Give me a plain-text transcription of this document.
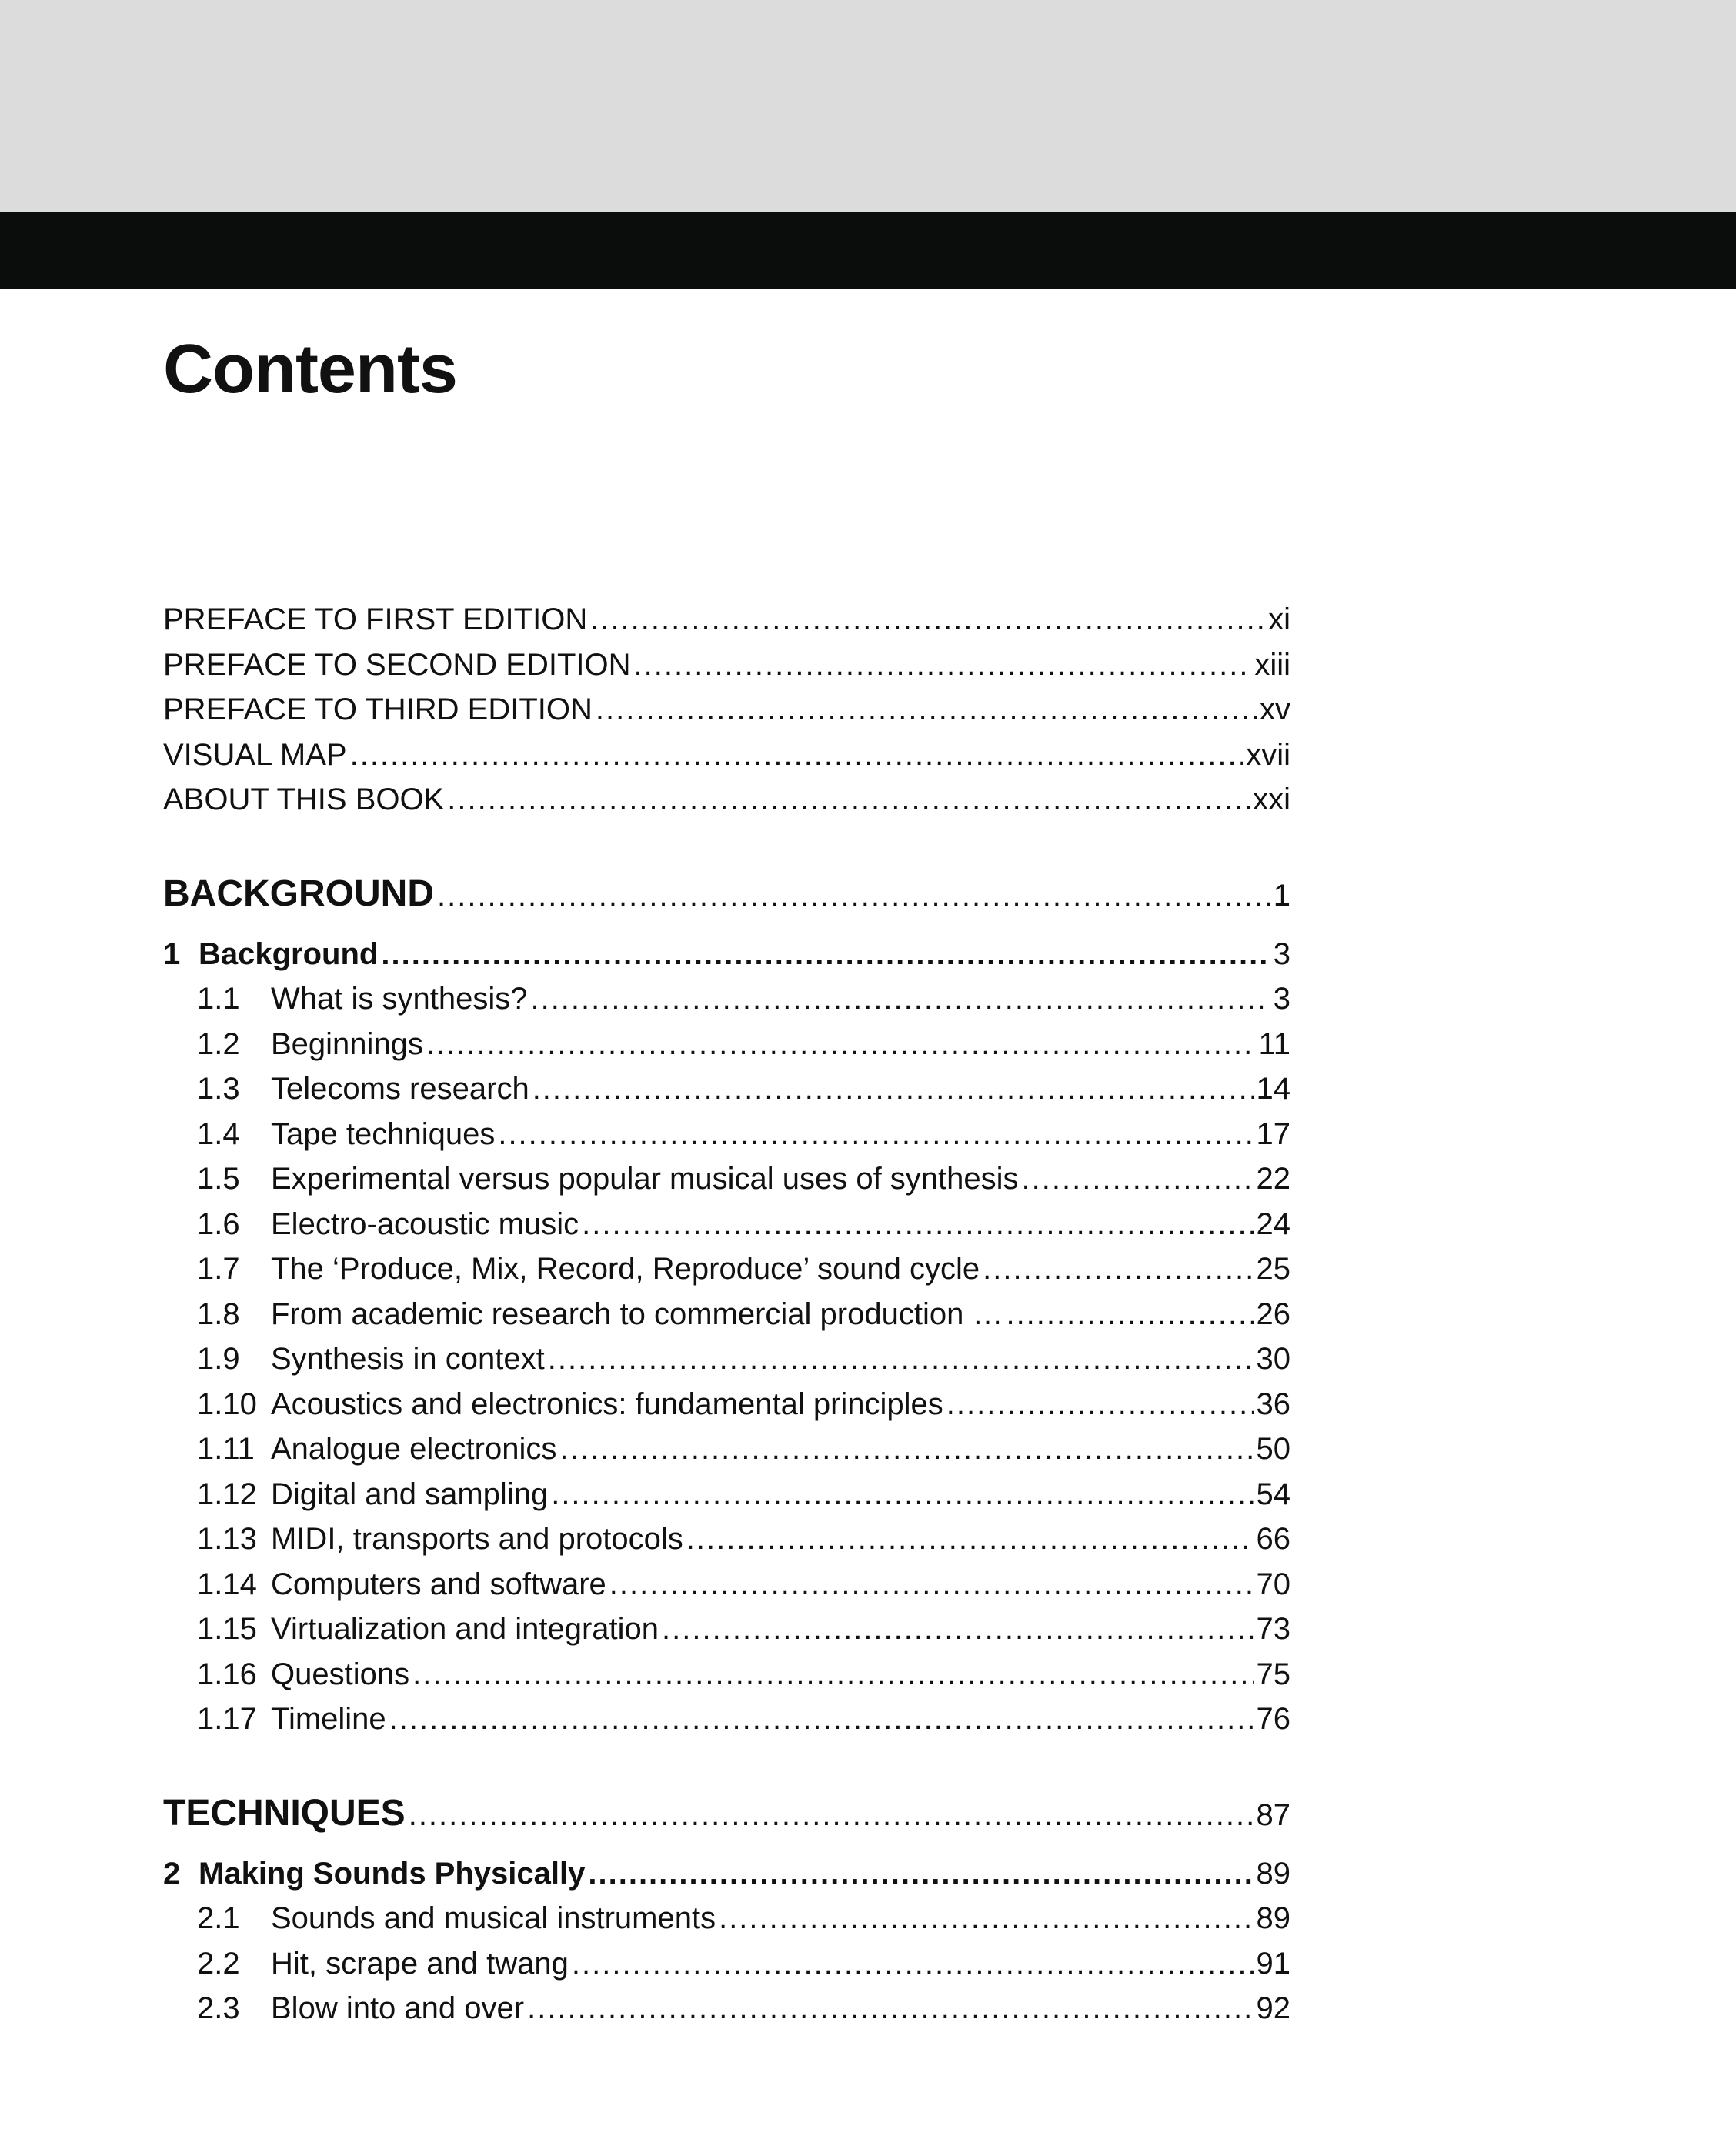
Contents
PREFACE TO FIRST EDITION .....	xi
PREFACE TO SECOND EDITION .....	xiii
PREFACE TO THIRD EDITION .....	xv
VISUAL MAP .....	xvii
ABOUT THIS BOOK .....	xxi
BACKGROUND .....	1
1 Background .....	3
1.1 What is synthesis? .....	3
1.2 Beginnings .....	11
1.3 Telecoms research .....	14
1.4 Tape techniques .....	17
1.5 Experimental versus popular musical uses of synthesis .....	22
1.6 Electro-acoustic music .....	24
1.7 The ‘Produce, Mix, Record, Reproduce’ sound cycle .....	25
1.8 From academic research to commercial production … .....	26
1.9 Synthesis in context .....	30
1.10 Acoustics and electronics: fundamental principles .....	36
1.11 Analogue electronics .....	50
1.12 Digital and sampling .....	54
1.13 MIDI, transports and protocols .....	66
1.14 Computers and software .....	70
1.15 Virtualization and integration .....	73
1.16 Questions .....	75
1.17 Timeline .....	76
TECHNIQUES .....	87
2 Making Sounds Physically .....	89
2.1 Sounds and musical instruments .....	89
2.2 Hit, scrape and twang .....	91
2.3 Blow into and over .....	92
